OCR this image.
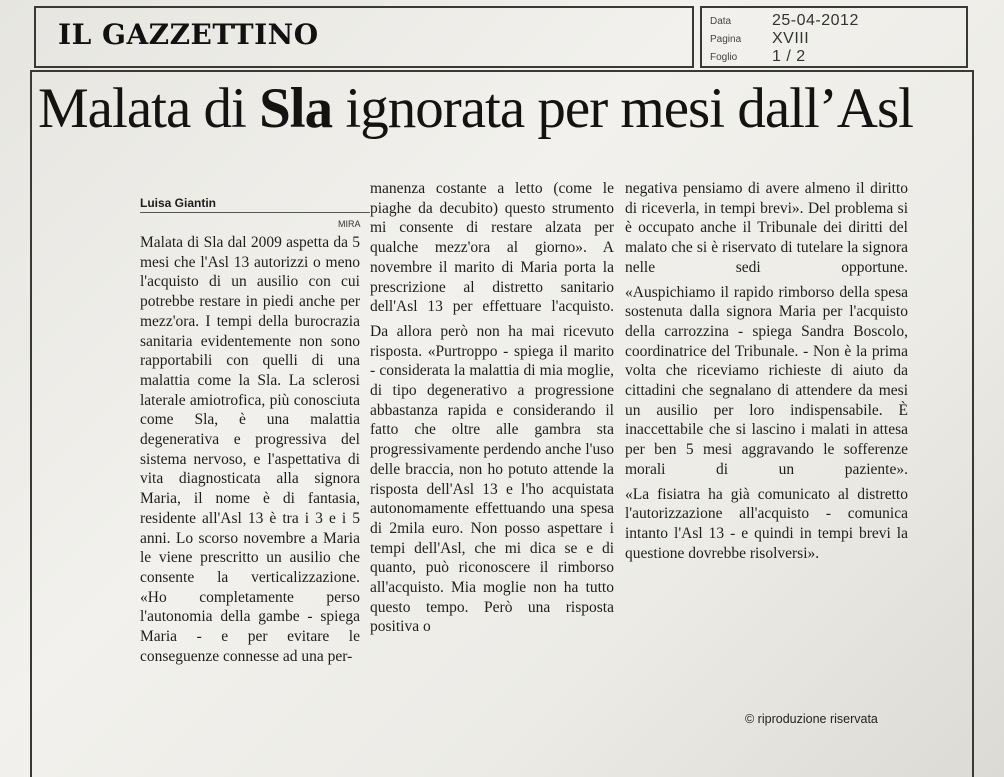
IL GAZZETTINO	Data	25-04-2012
Pagina XVIII
Foglio 1 / 2
Malata di Sla ignorata per mesi dall’Asl
Luisa Giantin
MIRA

Malata di Sla dal 2009 aspetta da 5 mesi che l'Asl 13 autorizzi o meno l'acquisto di un ausilio con cui potrebbe restare in piedi anche per mezz'ora. I tempi della burocrazia sanitaria evidentemente non sono rapportabili con quelli di una malattia come la Sla. La sclerosi laterale amiotrofica, più conosciuta come Sla, è una malattia degenerativa e progressiva del sistema nervoso, e l'aspettativa di vita diagnosticata alla signora Maria, il nome è di fantasia, residente all'Asl 13 è tra i 3 e i 5 anni. Lo scorso novembre a Maria le viene prescritto un ausilio che consente la verticalizzazione.

«Ho completamente perso l'autonomia della gambe - spiega Maria - e per evitare le conseguenze connesse ad una per-

manenza costante a letto (come le piaghe da decubito) questo strumento mi consente di restare alzata per qualche mezz'ora al giorno». A novembre il marito di Maria porta la prescrizione al distretto sanitario dell'Asl 13 per effettuare l'acquisto.

Da allora però non ha mai ricevuto risposta. «Purtroppo - spiega il marito - considerata la malattia di mia moglie, di tipo degenerativo a progressione abbastanza rapida e considerando il fatto che oltre alle gambra sta progressivamente perdendo anche l'uso delle braccia, non ho potuto attende la risposta dell'Asl 13 e l'ho acquistata autonomamente effettuando una spesa di 2mila euro. Non posso aspettare i tempi dell'Asl, che mi dica se e di quanto, può riconoscere il rimborso all'acquisto. Mia moglie non ha tutto questo tempo. Però una risposta positiva o

negativa pensiamo di avere almeno il diritto di riceverla, in tempi brevi». Del problema si è occupato anche il Tribunale dei diritti del malato che si è riservato di tutelare la signora nelle sedi opportune.

«Auspichiamo il rapido rimborso della spesa sostenuta dalla signora Maria per l'acquisto della carrozzina - spiega Sandra Boscolo, coordinatrice del Tribunale. - Non è la prima volta che riceviamo richieste di aiuto da cittadini che segnalano di attendere da mesi un ausilio per loro indispensabile. È inaccettabile che si lascino i malati in attesa per ben 5 mesi aggravando le sofferenze morali di un paziente».

«La fisiatra ha già comunicato al distretto l'autorizzazione all'acquisto - comunica intanto l'Asl 13 - e quindi in tempi brevi la questione dovrebbe risolversi».

© riproduzione riservata
